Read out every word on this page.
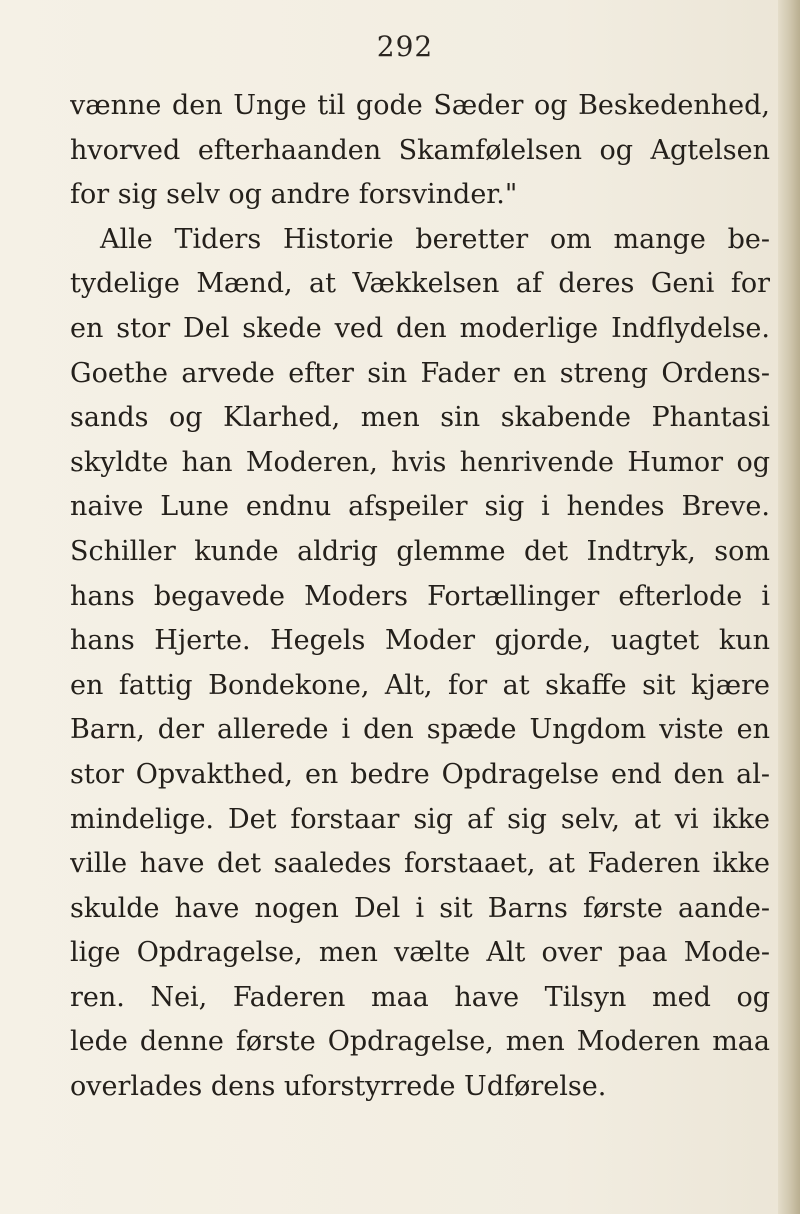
292
vænne den Unge til gode Sæder og Beskedenhed,
hvorved efterhaanden Skamfølelsen og Agtelsen
for sig selv og andre forsvinder."
Alle Tiders Historie beretter om mange be-
tydelige Mænd, at Vækkelsen af deres Geni for
en stor Del skede ved den moderlige Indflydelse.
Goethe arvede efter sin Fader en streng Ordens-
sands og Klarhed, men sin skabende Phantasi
skyldte han Moderen, hvis henrivende Humor og
naive Lune endnu afspeiler sig i hendes Breve.
Schiller kunde aldrig glemme det Indtryk, som
hans begavede Moders Fortællinger efterlode i
hans Hjerte. Hegels Moder gjorde, uagtet kun
en fattig Bondekone, Alt, for at skaffe sit kjære
Barn, der allerede i den spæde Ungdom viste en
stor Opvakthed, en bedre Opdragelse end den al-
mindelige. Det forstaar sig af sig selv, at vi ikke
ville have det saaledes forstaaet, at Faderen ikke
skulde have nogen Del i sit Barns første aande-
lige Opdragelse, men vælte Alt over paa Mode-
ren. Nei, Faderen maa have Tilsyn med og
lede denne første Opdragelse, men Moderen maa
overlades dens uforstyrrede Udførelse.
